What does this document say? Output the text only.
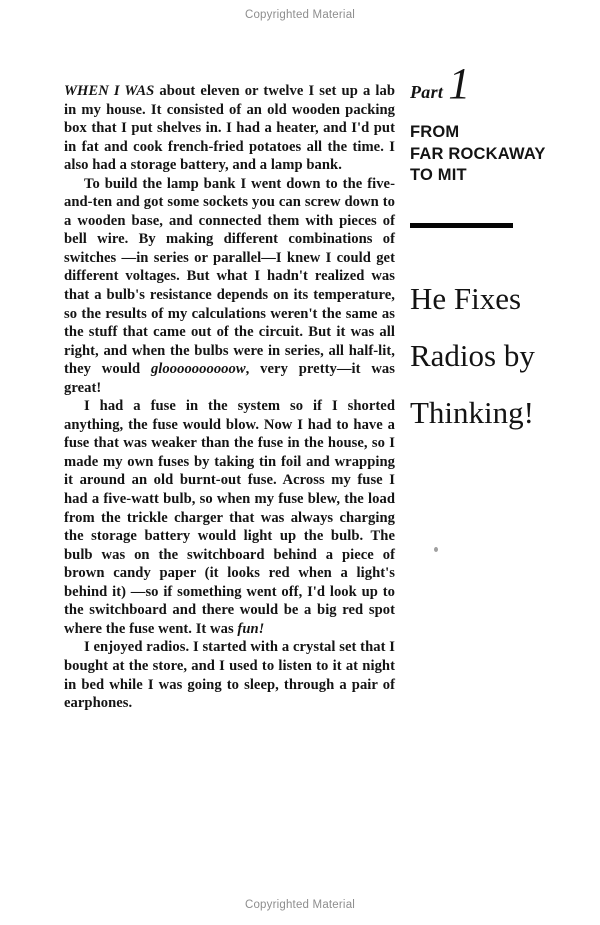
Copyrighted Material

WHEN I WAS about eleven or twelve I set up a lab in my house. It consisted of an old wooden packing box that I put shelves in. I had a heater, and I'd put in fat and cook french-fried potatoes all the time. I also had a storage battery, and a lamp bank.

To build the lamp bank I went down to the five-and-ten and got some sockets you can screw down to a wooden base, and connected them with pieces of bell wire. By making different combinations of switches —in series or parallel—I knew I could get different voltages. But what I hadn't realized was that a bulb's resistance depends on its temperature, so the results of my calculations weren't the same as the stuff that came out of the circuit. But it was all right, and when the bulbs were in series, all half-lit, they would gloooooooooow, very pretty—it was great!

I had a fuse in the system so if I shorted anything, the fuse would blow. Now I had to have a fuse that was weaker than the fuse in the house, so I made my own fuses by taking tin foil and wrapping it around an old burnt-out fuse. Across my fuse I had a five-watt bulb, so when my fuse blew, the load from the trickle charger that was always charging the storage battery would light up the bulb. The bulb was on the switchboard behind a piece of brown candy paper (it looks red when a light's behind it) —so if something went off, I'd look up to the switchboard and there would be a big red spot where the fuse went. It was fun!

I enjoyed radios. I started with a crystal set that I bought at the store, and I used to listen to it at night in bed while I was going to sleep, through a pair of earphones.

Part 1
FROM
FAR ROCKAWAY
TO MIT
He Fixes
Radios by
Thinking!
Copyrighted Material
